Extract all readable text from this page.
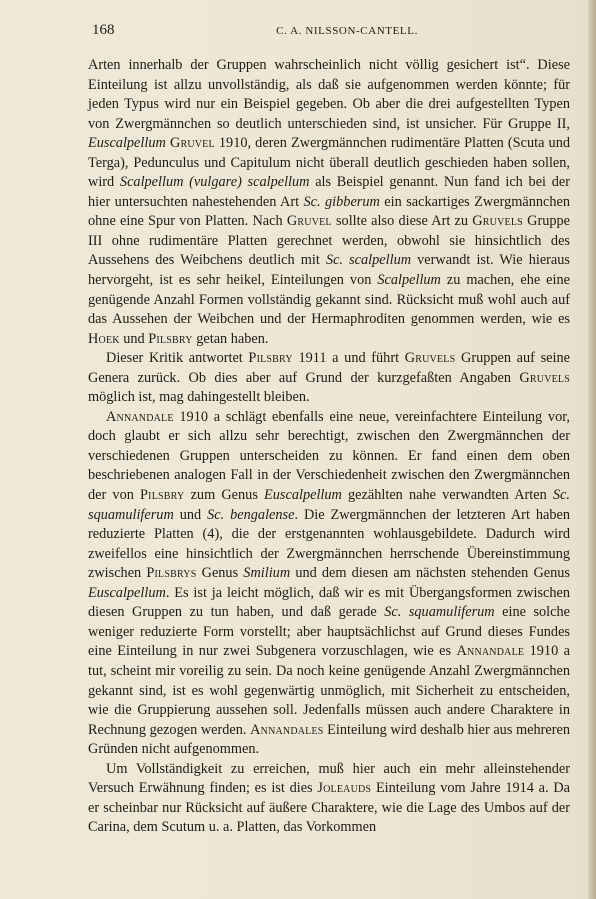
168	C. A. NILSSON-CANTELL.

Arten innerhalb der Gruppen wahrscheinlich nicht völlig gesichert ist“. Diese Einteilung ist allzu unvollständig, als daß sie aufgenommen werden könnte; für jeden Typus wird nur ein Beispiel gegeben. Ob aber die drei aufgestellten Typen von Zwergmännchen so deutlich unterschieden sind, ist unsicher. Für Gruppe II, Euscalpellum Gruvel 1910, deren Zwergmännchen rudimentäre Platten (Scuta und Terga), Pedunculus und Capitulum nicht überall deutlich geschieden haben sollen, wird Scalpellum (vulgare) scalpellum als Beispiel genannt. Nun fand ich bei der hier untersuchten nahestehenden Art Sc. gibberum ein sackartiges Zwergmännchen ohne eine Spur von Platten. Nach Gruvel sollte also diese Art zu Gruvels Gruppe III ohne rudimentäre Platten gerechnet werden, obwohl sie hinsichtlich des Aussehens des Weibchens deutlich mit Sc. scalpellum verwandt ist. Wie hieraus hervorgeht, ist es sehr heikel, Einteilungen von Scalpellum zu machen, ehe eine genügende Anzahl Formen vollständig gekannt sind. Rücksicht muß wohl auch auf das Aussehen der Weibchen und der Hermaphroditen genommen werden, wie es Hoek und Pilsbry getan haben.

Dieser Kritik antwortet Pilsbry 1911 a und führt Gruvels Gruppen auf seine Genera zurück. Ob dies aber auf Grund der kurzgefaßten Angaben Gruvels möglich ist, mag dahingestellt bleiben.

Annandale 1910 a schlägt ebenfalls eine neue, vereinfachtere Einteilung vor, doch glaubt er sich allzu sehr berechtigt, zwischen den Zwergmännchen der verschiedenen Gruppen unterscheiden zu können. Er fand einen dem oben beschriebenen analogen Fall in der Verschiedenheit zwischen den Zwergmännchen der von Pilsbry zum Genus Euscalpellum gezählten nahe verwandten Arten Sc. squamuliferum und Sc. bengalense. Die Zwergmännchen der letzteren Art haben reduzierte Platten (4), die der erstgenannten wohlausgebildete. Dadurch wird zweifellos eine hinsichtlich der Zwergmännchen herrschende Übereinstimmung zwischen Pilsbrys Genus Smilium und dem diesen am nächsten stehenden Genus Euscalpellum. Es ist ja leicht möglich, daß wir es mit Übergangsformen zwischen diesen Gruppen zu tun haben, und daß gerade Sc. squamuliferum eine solche weniger reduzierte Form vorstellt; aber hauptsächlichst auf Grund dieses Fundes eine Einteilung in nur zwei Subgenera vorzuschlagen, wie es Annandale 1910 a tut, scheint mir voreilig zu sein. Da noch keine genügende Anzahl Zwergmännchen gekannt sind, ist es wohl gegenwärtig unmöglich, mit Sicherheit zu entscheiden, wie die Gruppierung aussehen soll. Jedenfalls müssen auch andere Charaktere in Rechnung gezogen werden. Annandales Einteilung wird deshalb hier aus mehreren Gründen nicht aufgenommen.

Um Vollständigkeit zu erreichen, muß hier auch ein mehr alleinstehender Versuch Erwähnung finden; es ist dies Joleauds Einteilung vom Jahre 1914 a. Da er scheinbar nur Rücksicht auf äußere Charaktere, wie die Lage des Umbos auf der Carina, dem Scutum u. a. Platten, das Vorkommen
